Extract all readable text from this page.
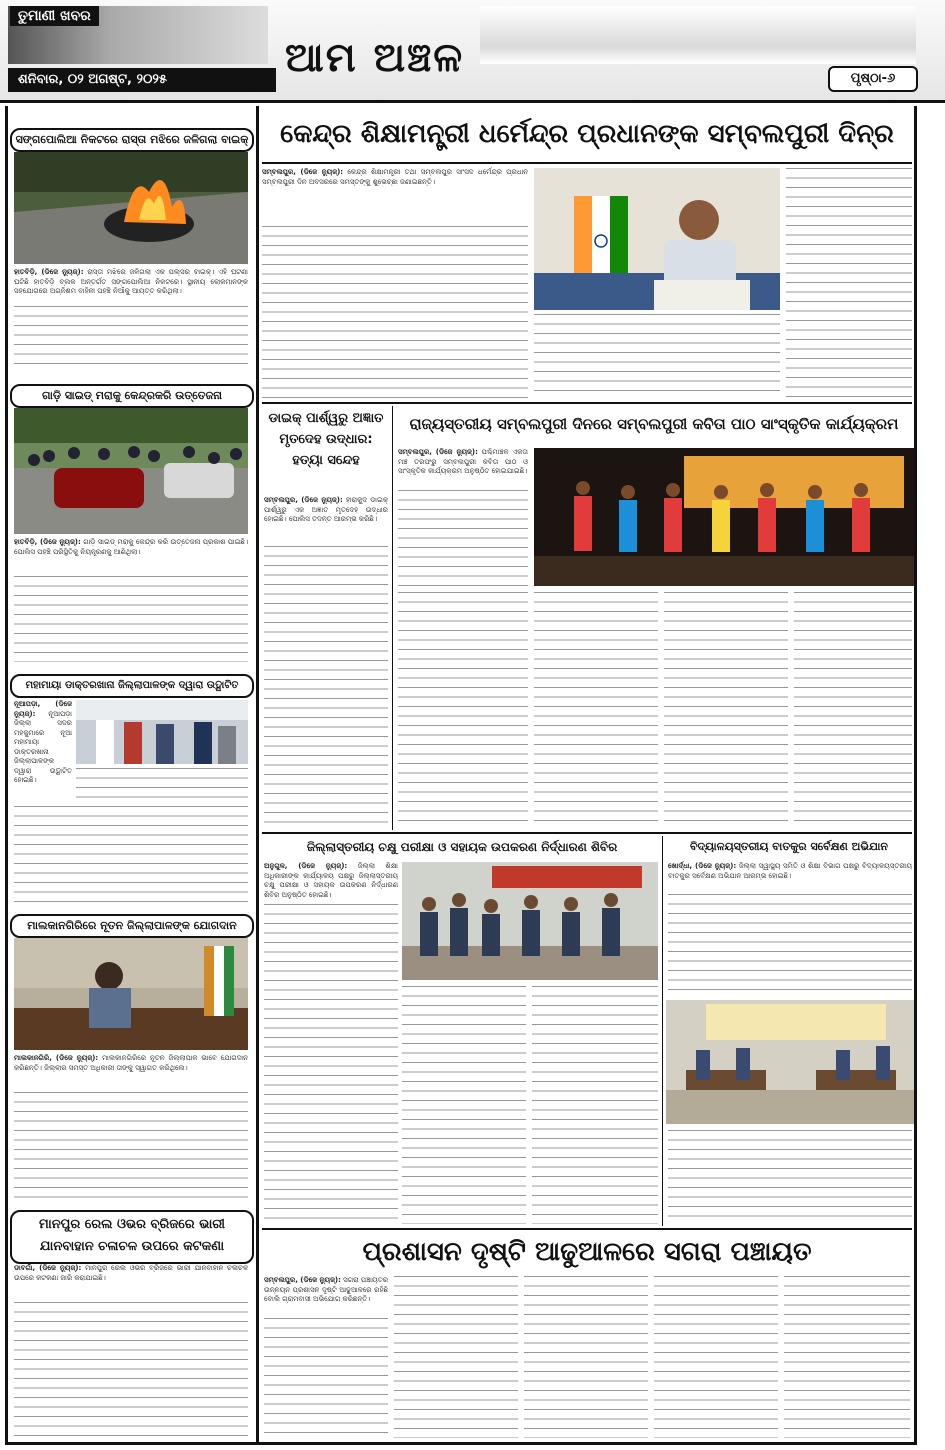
ତୁମାଣୀ ଖବର
ଶନିବାର, ୦୨ ଅଗଷ୍ଟ, ୨୦୨୫	ଆମ ଅଞ୍ଚଳ	ପୃଷ୍ଠା-୬
ସଙ୍ଗପୋଲିଆ ନିକଟରେ ରାସ୍ତା ମଝିରେ ଜଳିଗଲା ବାଇକ୍
ହାତବିଡ଼ି, (ଡିଜେ ନ୍ୟୁଜ୍): ରାସ୍ତା ମଝିରେ ଜଳିଗଲା ଏକ ପଲ୍ସର ବାଇକ୍। ଏହି ଘଟଣା ଘଟିଛି ହାତବିଡ଼ି ବ୍ଲକ ଅନ୍ତର୍ଗତ ସଙ୍ଗପୋଲିଆ ନିକଟରେ। ସ୍ଥାନୀୟ ଲୋକମାନଙ୍କ ସହଯୋଗରେ ଅଗ୍ନିଶମ ବାହିନୀ ପହଞ୍ଚି ନିଆଁକୁ ଆୟତ୍ତ କରିଥିଲା।
ଗାଡ଼ି ସାଇଡ୍ ମରାକୁ କେନ୍ଦ୍ରକରି ଉତ୍ତେଜନା
ହାତବିଡ଼ି, (ଡିଜେ ନ୍ୟୁଜ୍): ଗାଡ଼ି ସାଇଡ୍ ମରାକୁ କେନ୍ଦ୍ର କରି ଉତ୍ତେଜନା ପ୍ରକାଶ ପାଇଛି। ପୋଲିସ ପହଞ୍ଚି ପରିସ୍ଥିତିକୁ ନିୟନ୍ତ୍ରଣକୁ ଆଣିଥିଲା।
ମହାମାୟା ଡାକ୍ତରଖାନା ଜିଲ୍ଲାପାଳଙ୍କ ଦ୍ୱାରା ଉଦ୍ଘାଟିତ
ନୂଆପଡ଼ା, (ଡିଜେ ନ୍ୟୁଜ୍): ନୂଆପଡ଼ା ଜିଲ୍ଲା ସଦର ମହକୁମାରେ ନୂଆ ମହାମାୟା ଡାକ୍ତରଖାନା ଜିଲ୍ଲାପାଳଙ୍କ ଦ୍ୱାରା ଉଦ୍ଘାଟିତ ହୋଇଛି।
ମାଲକାନଗିରିରେ ନୂତନ ଜିଲ୍ଲାପାଳଙ୍କ ଯୋଗଦାନ
ମାଲକାନଗିରି, (ଡିଜେ ନ୍ୟୁଜ୍): ମାଲକାନଗିରିରେ ନୂତନ ଜିଲ୍ଲାପାଳ ଭାବେ ଯୋଗଦାନ କରିଛନ୍ତି। ଜିଲ୍ଲାର ସମସ୍ତ ଅଧିକାରୀ ତାଙ୍କୁ ସ୍ୱାଗତ କରିଥିଲେ।
ମାନପୁର ରେଲ ଓଭର ବ୍ରିଜରେ ଭାରୀ ଯାନବାହାନ ଚଳାଚଳ ଉପରେ କଟକଣା
ଡାବଗାଁ, (ଡିଜେ ନ୍ୟୁଜ୍): ମାନପୁର ରେଲ ଓଭର ବ୍ରିଜରେ ଭାରୀ ଯାନବାହାନ ଚଳାଚଳ ଉପରେ କଟକଣା ଜାରି କରାଯାଇଛି।
କେନ୍ଦ୍ର ଶିକ୍ଷାମନ୍ତ୍ରୀ ଧର୍ମେନ୍ଦ୍ର ପ୍ରଧାନଙ୍କ ସମ୍ବଲପୁରୀ ଦିନ୍‌ର
ସମ୍ବଲପୁର, (ଡିଜେ ନ୍ୟୁଜ୍): କେନ୍ଦ୍ର ଶିକ୍ଷାମନ୍ତ୍ରୀ ତଥା ସମ୍ବଲପୁର ସାଂସଦ ଧର୍ମେନ୍ଦ୍ର ପ୍ରଧାନ ସମ୍ବଲପୁରୀ ଦିନ ଅବସରରେ ସମସ୍ତଙ୍କୁ ଶୁଭେଚ୍ଛା ଜଣାଇଛନ୍ତି।
ଡାଇକ୍ ପାର୍ଶ୍ୱରୁ ଅଜ୍ଞାତ ମୃତଦେହ ଉଦ୍ଧାର: ହତ୍ୟା ସନ୍ଦେହ
ସମ୍ବଲପୁର, (ଡିଜେ ନ୍ୟୁଜ୍): ହୀରାକୁଦ ଡାଇକ୍ ପାର୍ଶ୍ୱରୁ ଏକ ଅଜ୍ଞାତ ମୃତଦେହ ଉଦ୍ଧାର ହୋଇଛି। ପୋଲିସ ତଦନ୍ତ ଆରମ୍ଭ କରିଛି।
ରାଜ୍ୟସ୍ତରୀୟ ସମ୍ବଲପୁରୀ ଦିନରେ ସମ୍ବଲପୁରୀ କବିତା ପାଠ ସାଂସ୍କୃତିକ କାର୍ଯ୍ୟକ୍ରମ
ସମ୍ବଲପୁର, (ଡିଜେ ନ୍ୟୁଜ୍): ପଶ୍ଚିମାଞ୍ଚଳ ଏକତା ମଞ୍ଚ ତରଫରୁ ସମ୍ବଲପୁରୀ କବିତା ପାଠ ଓ ସାଂସ୍କୃତିକ କାର୍ଯ୍ୟକ୍ରମ ଅନୁଷ୍ଠିତ ହୋଇଯାଇଛି।
ଜିଲ୍ଲାସ୍ତରୀୟ ଚକ୍ଷୁ ପରୀକ୍ଷା ଓ ସହାୟକ ଉପକରଣ ନିର୍ଦ୍ଧାରଣ ଶିବିର
ଅନୁଗୁଳ, (ଡିଜେ ନ୍ୟୁଜ୍): ଜିଲ୍ଲା ଶିକ୍ଷା ଅଧିକାରୀଙ୍କ କାର୍ଯ୍ୟାଳୟ ପକ୍ଷରୁ ଜିଲ୍ଲାସ୍ତରୀୟ ଚକ୍ଷୁ ପରୀକ୍ଷା ଓ ସହାୟକ ଉପକରଣ ନିର୍ଦ୍ଧାରଣ ଶିବିର ଅନୁଷ୍ଠିତ ହୋଇଛି।
ବିଦ୍ୟାଳୟସ୍ତରୀୟ ବାତକୁର ସର୍ବେକ୍ଷଣ ଅଭିଯାନ
ଖୋର୍ଦ୍ଧା, (ଡିଜେ ନ୍ୟୁଜ୍): ଜିଲ୍ଲା ସ୍ୱାସ୍ଥ୍ୟ ସମିତି ଓ ଶିକ୍ଷା ବିଭାଗ ପକ୍ଷରୁ ବିଦ୍ୟାଳୟସ୍ତରୀୟ ବାତକୁର ସର୍ବେକ୍ଷଣ ଅଭିଯାନ ଆରମ୍ଭ ହୋଇଛି।
ପ୍ରଶାସନ ଦୃଷ୍ଟି ଆଢୁଆଳରେ ସଗରା ପଞ୍ଚାୟତ
ସମ୍ବଲପୁର, (ଡିଜେ ନ୍ୟୁଜ୍): ସଗରା ପଞ୍ଚାୟତର ଉନ୍ନୟନ ପ୍ରଶାସନ ଦୃଷ୍ଟି ଆଢୁଆଳରେ ରହିଛି ବୋଲି ଗ୍ରାମବାସୀ ଅଭିଯୋଗ କରିଛନ୍ତି।
